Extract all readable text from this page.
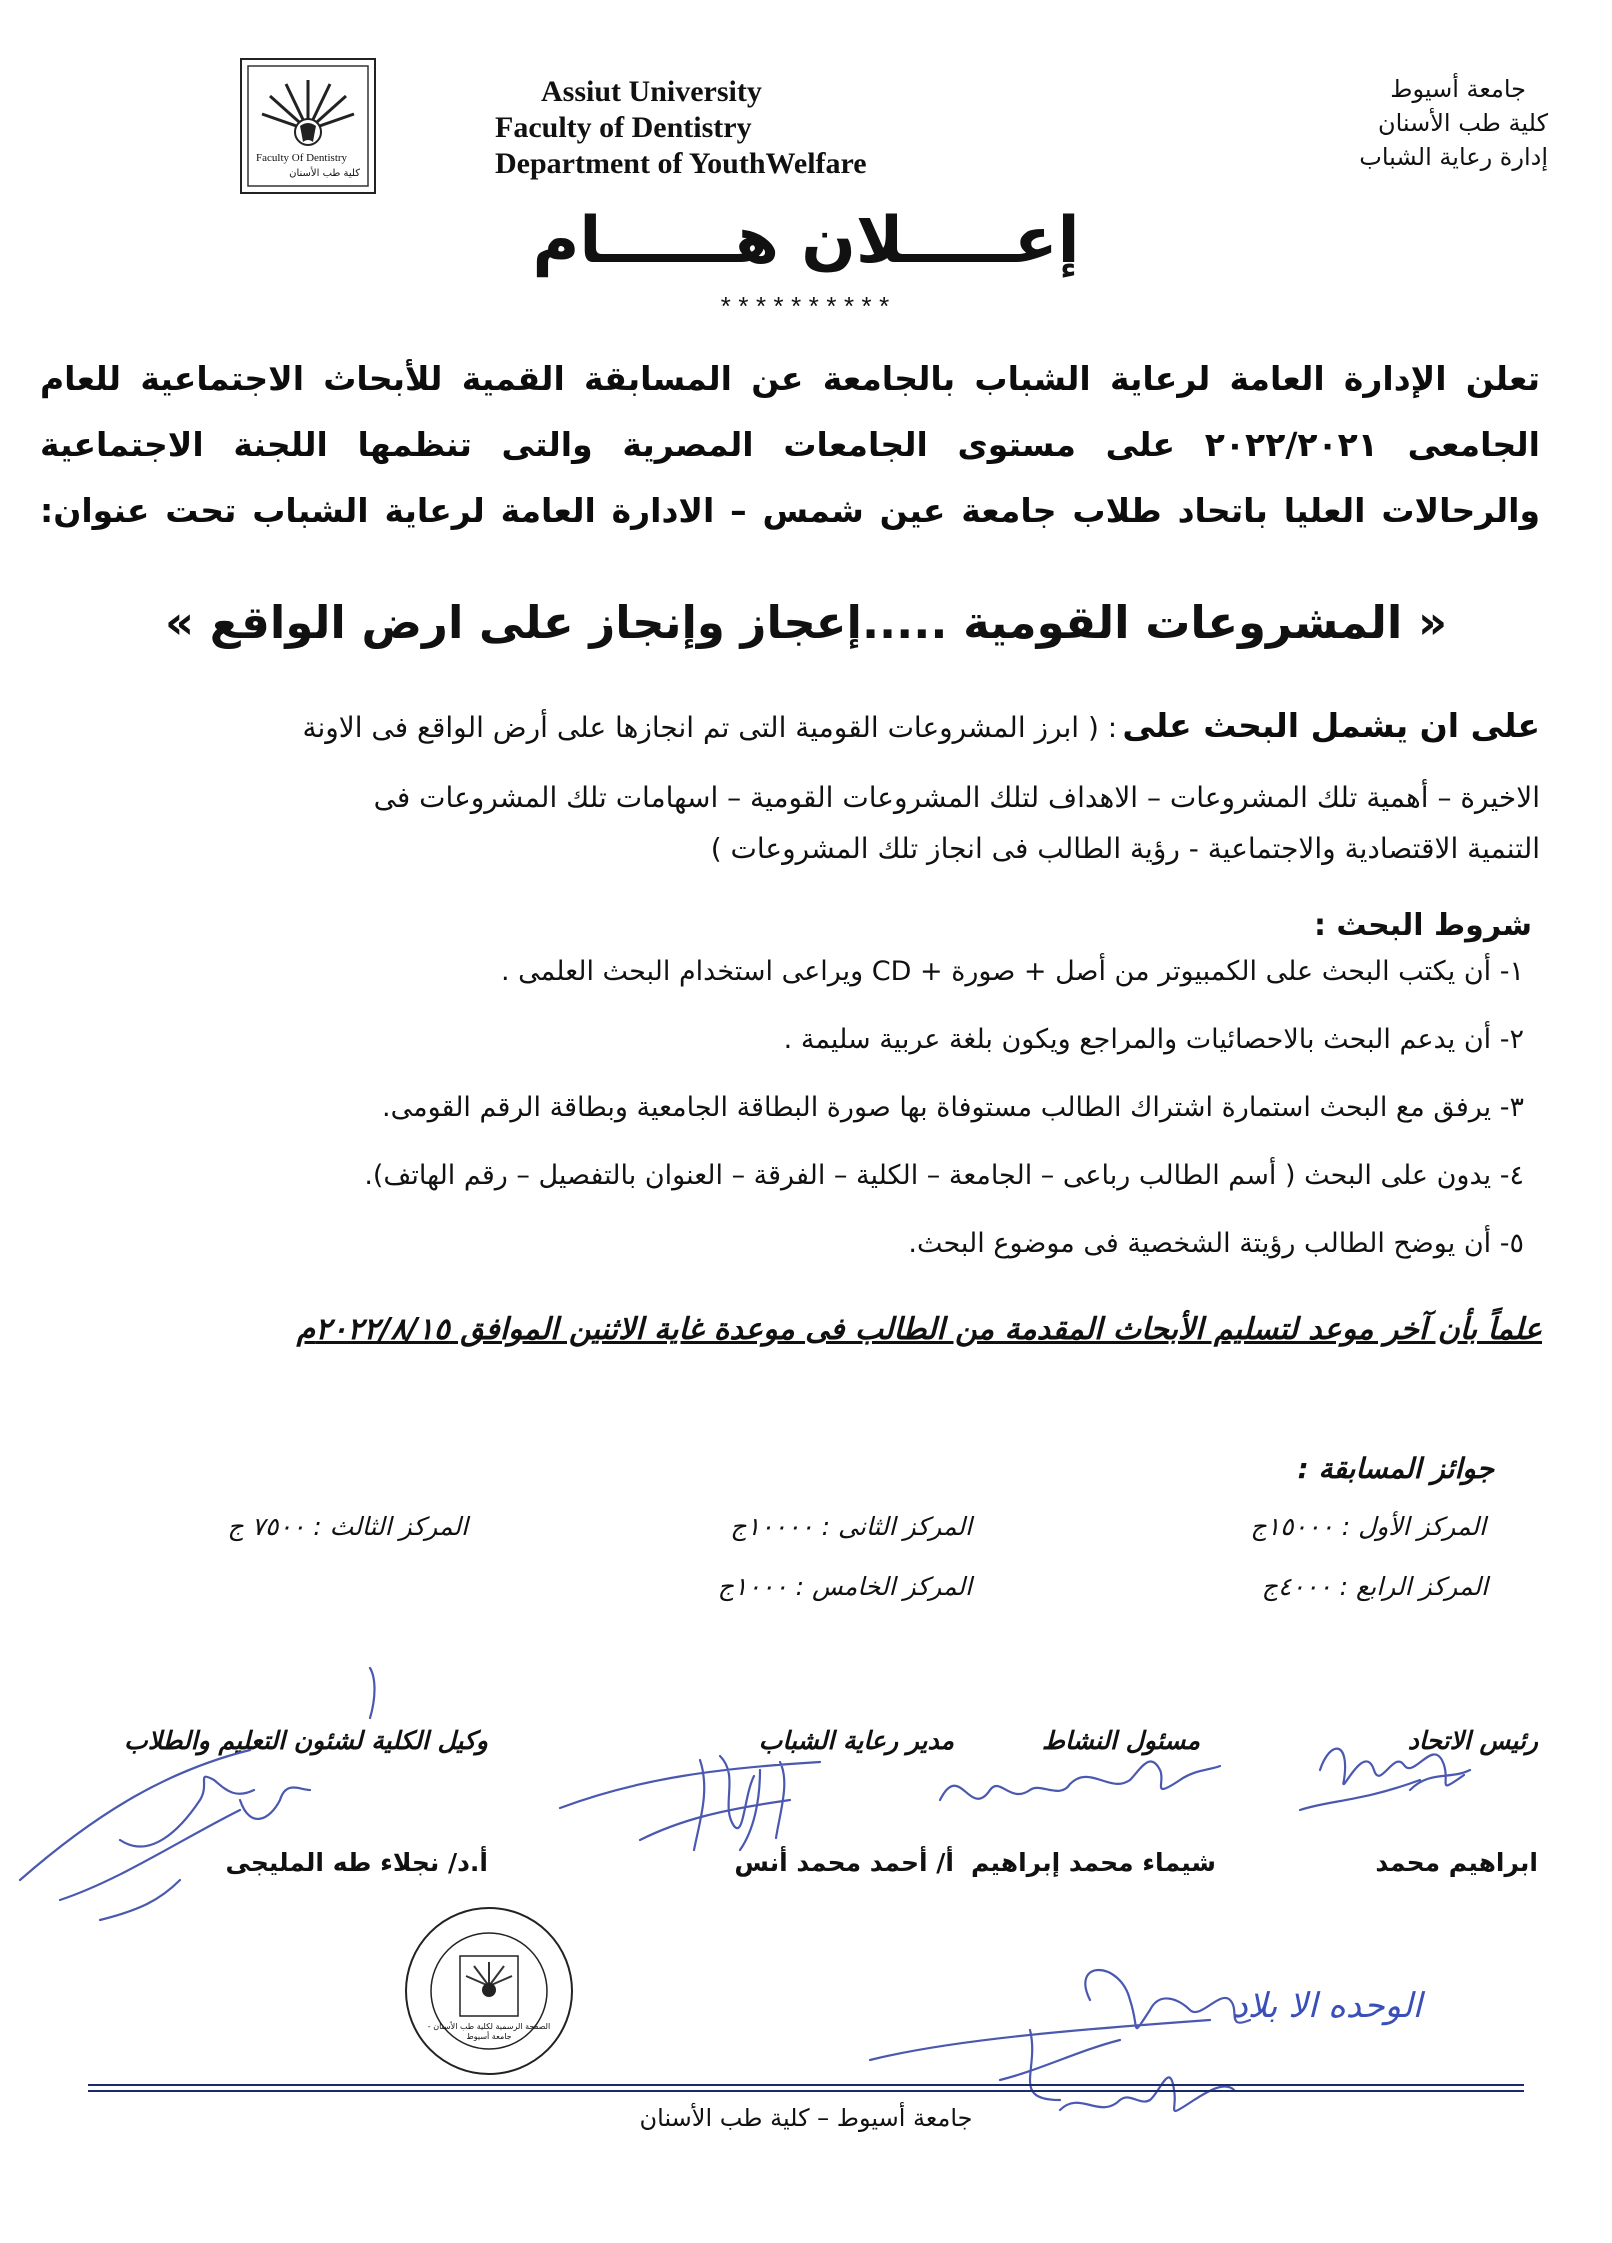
Faculty Of Dentistry
كلية طب الأسنان
Assiut University
Faculty of Dentistry
Department of YouthWelfare
جامعة أسيوط
كلية طب الأسنان
إدارة رعاية الشباب
إعـــــلان هــــــام
**********
تعلن الإدارة العامة لرعاية الشباب بالجامعة عن المسابقة القمية للأبحاث الاجتماعية للعام
الجامعى ٢٠٢٢/٢٠٢١ على مستوى الجامعات المصرية والتى تنظمها اللجنة الاجتماعية
والرحالات العليا باتحاد طلاب جامعة عين شمس – الادارة العامة لرعاية الشباب تحت عنوان:
« المشروعات القومية .....إعجاز وإنجاز على ارض الواقع »
على ان يشمل البحث على : ( ابرز المشروعات القومية التى تم انجازها على أرض الواقع فى الاونة
الاخيرة – أهمية تلك المشروعات – الاهداف لتلك المشروعات القومية – اسهامات تلك المشروعات فى
التنمية الاقتصادية والاجتماعية - رؤية الطالب فى انجاز تلك المشروعات )
شروط البحث :
١- أن يكتب البحث على الكمبيوتر من أصل + صورة + CD ويراعى استخدام البحث العلمى .
٢- أن يدعم البحث بالاحصائيات والمراجع ويكون بلغة عربية سليمة .
٣- يرفق مع البحث استمارة اشتراك الطالب مستوفاة بها صورة البطاقة الجامعية وبطاقة الرقم القومى.
٤- يدون على البحث ( أسم الطالب رباعى – الجامعة – الكلية – الفرقة – العنوان بالتفصيل – رقم الهاتف).
٥- أن يوضح الطالب رؤيتة الشخصية فى موضوع البحث.
علماً بأن آخر موعد لتسليم الأبحاث المقدمة من الطالب فى موعدة غاية الاثنين الموافق ٢٠٢٢/٨/١٥م
جوائز المسابقة :
المركز الأول : ١٥٠٠٠ج
المركز الثانى : ١٠٠٠٠ج
المركز الثالث : ٧٥٠٠ ج
المركز الرابع : ٤٠٠٠ج
المركز الخامس : ١٠٠٠ج
رئيس الاتحاد
مسئول النشاط
مدير رعاية الشباب
وكيل الكلية لشئون التعليم والطلاب
ابراهيم محمد
شيماء محمد إبراهيم
أ/ أحمد محمد أنس
أ.د/ نجلاء طه المليجى
الوحده الا بلاد
الصفحة الرسمية لكلية طب الأسنان - جامعة أسيوط
جامعة أسيوط – كلية طب الأسنان
